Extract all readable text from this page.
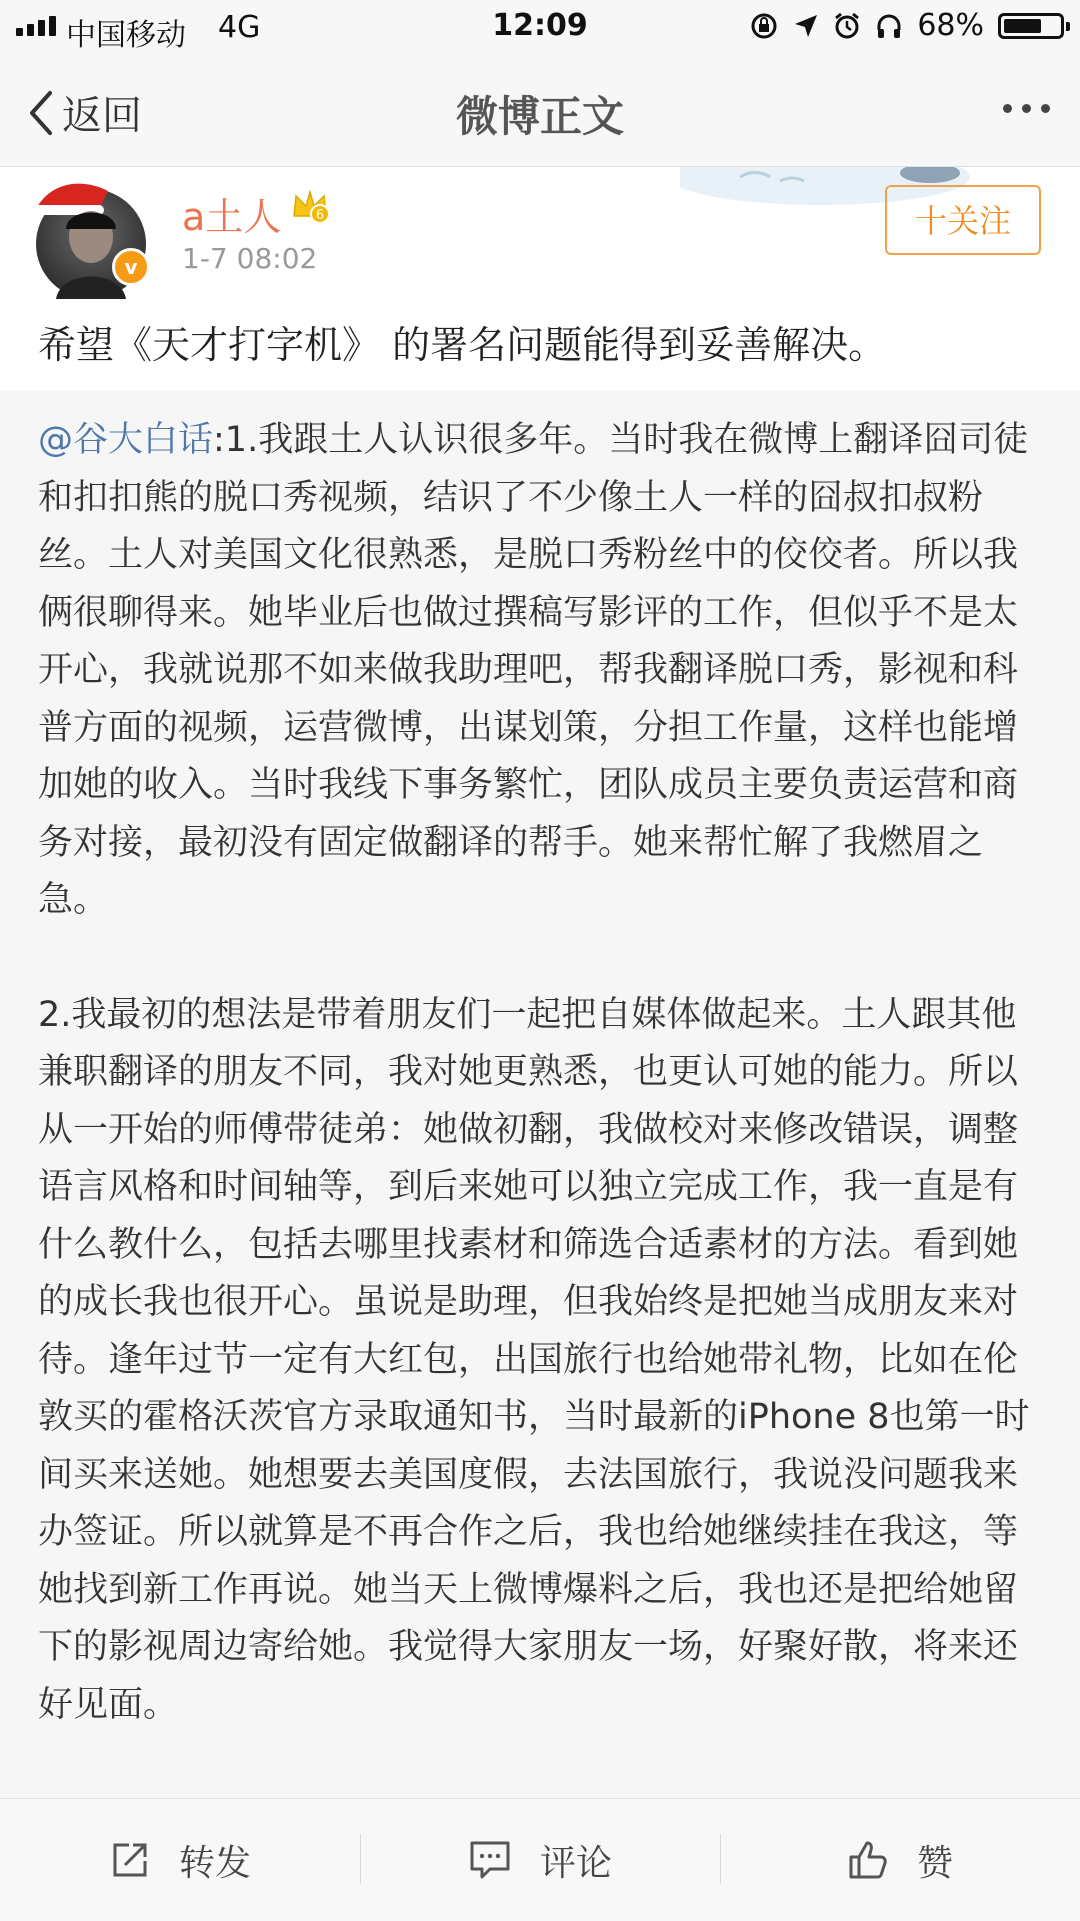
中国移动 4G	12:09	68%
返回	微博正文
v
a土人	6
1-7 08:02
十关注
希望《天才打字机》 的署名问题能得到妥善解决。
@谷大白话:1.我跟土人认识很多年。当时我在微博上翻译囧司徒和扣扣熊的脱口秀视频，结识了不少像土人一样的囧叔扣叔粉丝。土人对美国文化很熟悉，是脱口秀粉丝中的佼佼者。所以我俩很聊得来。她毕业后也做过撰稿写影评的工作，但似乎不是太开心，我就说那不如来做我助理吧，帮我翻译脱口秀，影视和科普方面的视频，运营微博，出谋划策，分担工作量，这样也能增加她的收入。当时我线下事务繁忙，团队成员主要负责运营和商务对接，最初没有固定做翻译的帮手。她来帮忙解了我燃眉之急。
2.我最初的想法是带着朋友们一起把自媒体做起来。土人跟其他兼职翻译的朋友不同，我对她更熟悉，也更认可她的能力。所以从一开始的师傅带徒弟：她做初翻，我做校对来修改错误，调整语言风格和时间轴等，到后来她可以独立完成工作，我一直是有什么教什么，包括去哪里找素材和筛选合适素材的方法。看到她的成长我也很开心。虽说是助理，但我始终是把她当成朋友来对待。逢年过节一定有大红包，出国旅行也给她带礼物，比如在伦敦买的霍格沃茨官方录取通知书，当时最新的iPhone 8也第一时间买来送她。她想要去美国度假，去法国旅行，我说没问题我来办签证。所以就算是不再合作之后，我也给她继续挂在我这，等她找到新工作再说。她当天上微博爆料之后，我也还是把给她留下的影视周边寄给她。我觉得大家朋友一场，好聚好散，将来还好见面。
转发	评论	赞
